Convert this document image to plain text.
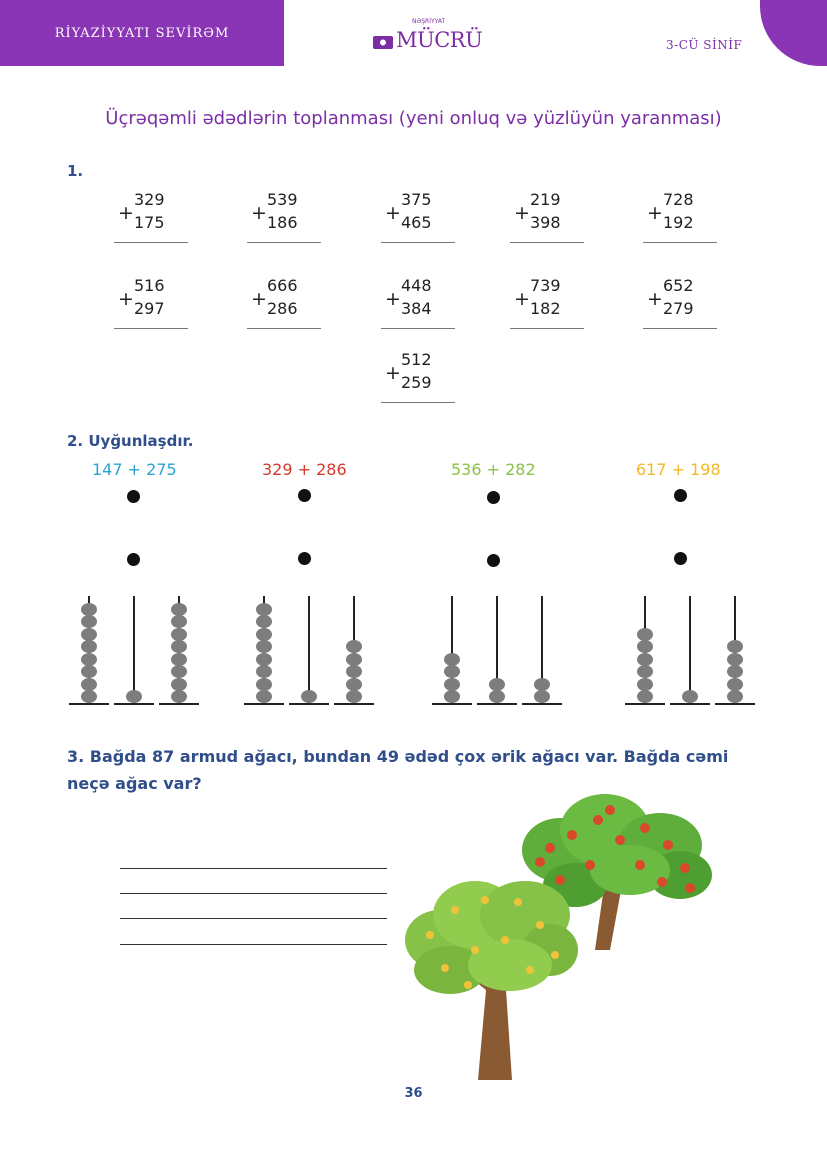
RİYAZİYYATI SEVİRƏM
NƏŞRİYYAT
MÜCRÜ	3-CÜ SİNİF
Üçrəqəmli ədədlərin toplanması (yeni onluq və yüzlüyün yaranması)
1.
+
329
175	+
539
186	+
375
465	+
219
398	+
728
192
+
516
297	+
666
286	+
448
384	+
739
182	+
652
279
+
512
259
2. Uyğunlaşdır.
147 + 275	329 + 286	536 + 282	617 + 198
3. Bağda 87 armud ağacı, bundan 49 ədəd çox ərik ağacı var. Bağda cəmi neçə ağac var?
36
